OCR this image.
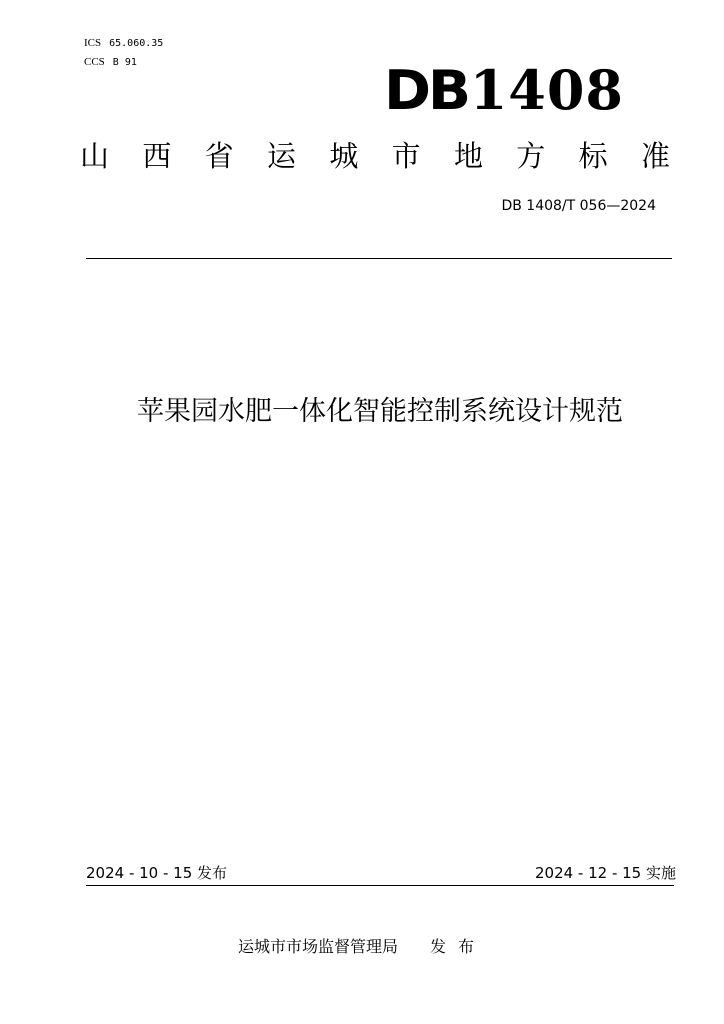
ICS 65.060.35
CCS B 91	DB1408
山 西 省 运 城 市 地 方 标 准
DB 1408/T 056—2024
苹果园水肥一体化智能控制系统设计规范
2024 - 10 - 15 发布	2024 - 12 - 15 实施
运城市市场监督管理局 发布
